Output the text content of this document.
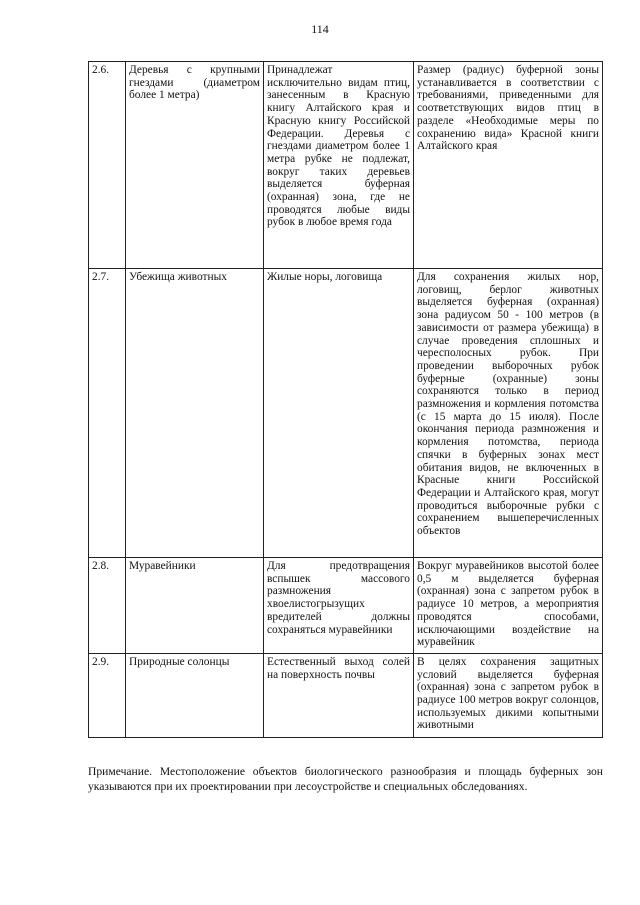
114
2.6.	Деревья с крупными гнездами (диаметром более 1 метра)	Принадлежат исключительно видам птиц, занесенным в Красную книгу Алтайского края и Красную книгу Российской Федерации. Деревья с гнездами диаметром более 1 метра рубке не подлежат, вокруг таких деревьев выделяется буферная (охранная) зона, где не проводятся любые виды рубок в любое время года	Размер (радиус) буферной зоны устанавливается в соответствии с требованиями, приведенными для соответствующих видов птиц в разделе «Необходимые меры по сохранению вида» Красной книги Алтайского края
2.7.	Убежища животных	Жилые норы, логовища	Для сохранения жилых нор, логовищ, берлог животных выделяется буферная (охранная) зона радиусом 50 - 100 метров (в зависимости от размера убежища) в случае проведения сплошных и чересполосных рубок. При проведении выборочных рубок буферные (охранные) зоны сохраняются только в период размножения и кормления потомства (с 15 марта до 15 июля). После окончания периода размножения и кормления потомства, периода спячки в буферных зонах мест обитания видов, не включенных в Красные книги Российской Федерации и Алтайского края, могут проводиться выборочные рубки с сохранением вышеперечисленных объектов
2.8.	Муравейники	Для предотвращения вспышек массового размножения хвоелистогрызущих вредителей должны сохраняться муравейники	Вокруг муравейников высотой более 0,5 м выделяется буферная (охранная) зона с запретом рубок в радиусе 10 метров, а мероприятия проводятся способами, исключающими воздействие на муравейник
2.9.	Природные солонцы	Естественный выход солей на поверхность почвы	В целях сохранения защитных условий выделяется буферная (охранная) зона с запретом рубок в радиусе 100 метров вокруг солонцов, используемых дикими копытными животными
Примечание. Местоположение объектов биологического разнообразия и площадь буферных зон указываются при их проектировании при лесоустройстве и специальных обследованиях.
